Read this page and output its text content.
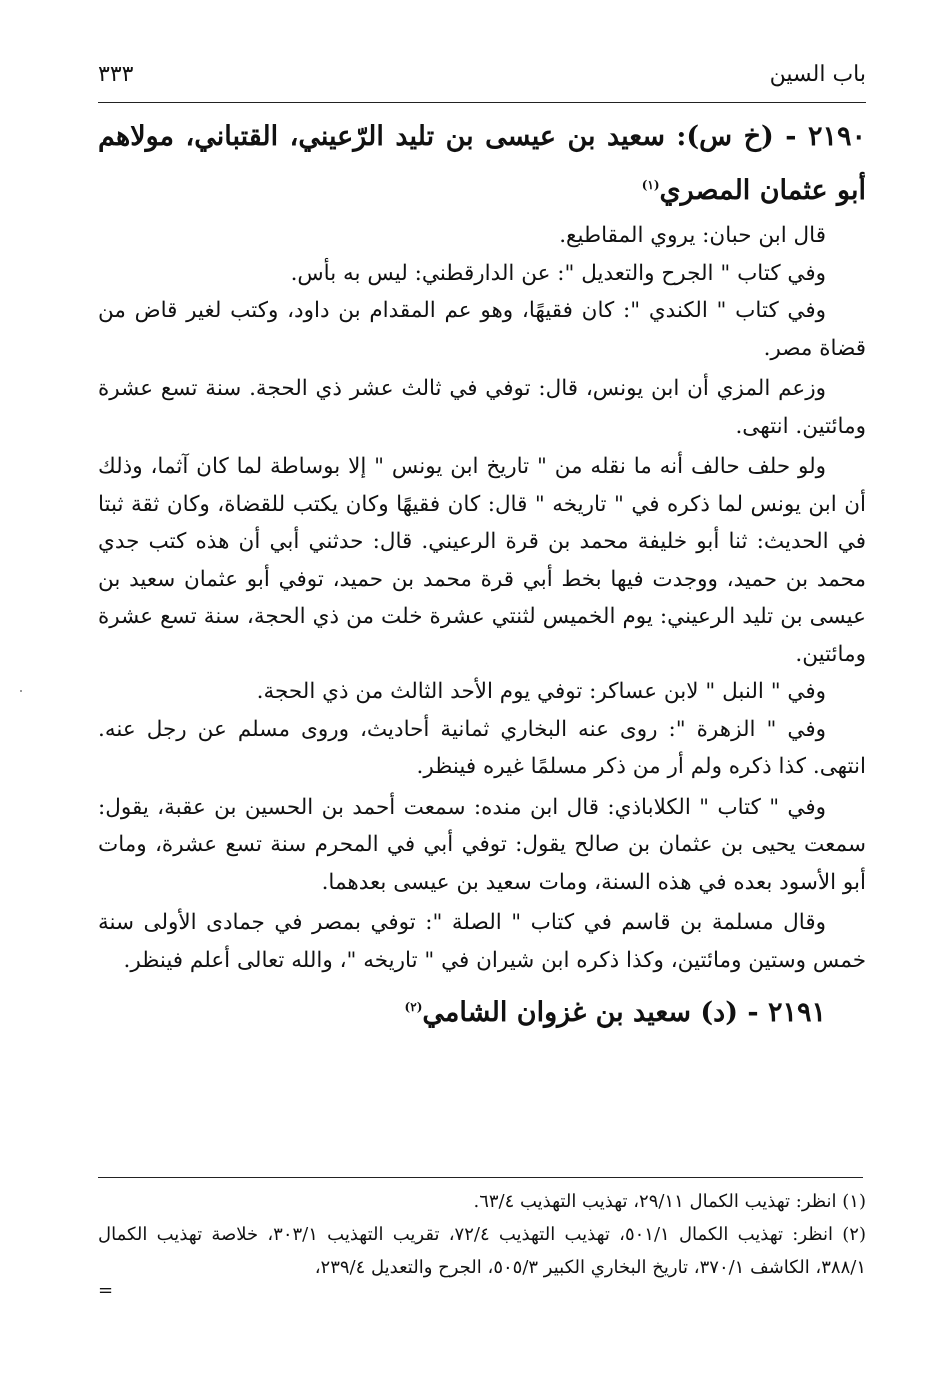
باب السين
٣٣٣
٢١٩٠ - (خ س): سعيد بن عيسى بن تليد الرّعيني، القتباني، مولاهم أبو عثمان المصري$^{(١)}$

قال ابن حبان: يروي المقاطيع.

وفي كتاب " الجرح والتعديل ": عن الدارقطني: ليس به بأس.

وفي كتاب " الكندي ": كان فقيهًا، وهو عم المقدام بن داود، وكتب لغير قاض من قضاة مصر.

وزعم المزي أن ابن يونس، قال: توفي في ثالث عشر ذي الحجة. سنة تسع عشرة ومائتين. انتهى.

ولو حلف حالف أنه ما نقله من " تاريخ ابن يونس " إلا بوساطة لما كان آثما، وذلك أن ابن يونس لما ذكره في " تاريخه " قال: كان فقيهًا وكان يكتب للقضاة، وكان ثقة ثبتا في الحديث: ثنا أبو خليفة محمد بن قرة الرعيني. قال: حدثني أبي أن هذه كتب جدي محمد بن حميد، ووجدت فيها بخط أبي قرة محمد بن حميد، توفي أبو عثمان سعيد بن عيسى بن تليد الرعيني: يوم الخميس لثنتي عشرة خلت من ذي الحجة، سنة تسع عشرة ومائتين.

وفي " النبل " لابن عساكر: توفي يوم الأحد الثالث من ذي الحجة.

وفي " الزهرة ": روى عنه البخاري ثمانية أحاديث، وروى مسلم عن رجل عنه. انتهى. كذا ذكره ولم أر من ذكر مسلمًا غيره فينظر.

وفي " كتاب " الكلاباذي: قال ابن منده: سمعت أحمد بن الحسين بن عقبة، يقول: سمعت يحيى بن عثمان بن صالح يقول: توفي أبي في المحرم سنة تسع عشرة، ومات أبو الأسود بعده في هذه السنة، ومات سعيد بن عيسى بعدهما.

وقال مسلمة بن قاسم في كتاب " الصلة ": توفي بمصر في جمادى الأولى سنة خمس وستين ومائتين، وكذا ذكره ابن شيران في " تاريخه "، والله تعالى أعلم فينظر.

٢١٩١ - (د) سعيد بن غزوان الشامي$^{(٢)}$

(١) انظر: تهذيب الكمال ٢٩/١١، تهذيب التهذيب ٦٣/٤.

(٢) انظر: تهذيب الكمال ٥٠١/١، تهذيب التهذيب ٧٢/٤، تقريب التهذيب ٣٠٣/١، خلاصة تهذيب الكمال ٣٨٨/١، الكاشف ٣٧٠/١، تاريخ البخاري الكبير ٥٠٥/٣، الجرح والتعديل ٢٣٩/٤،

=
